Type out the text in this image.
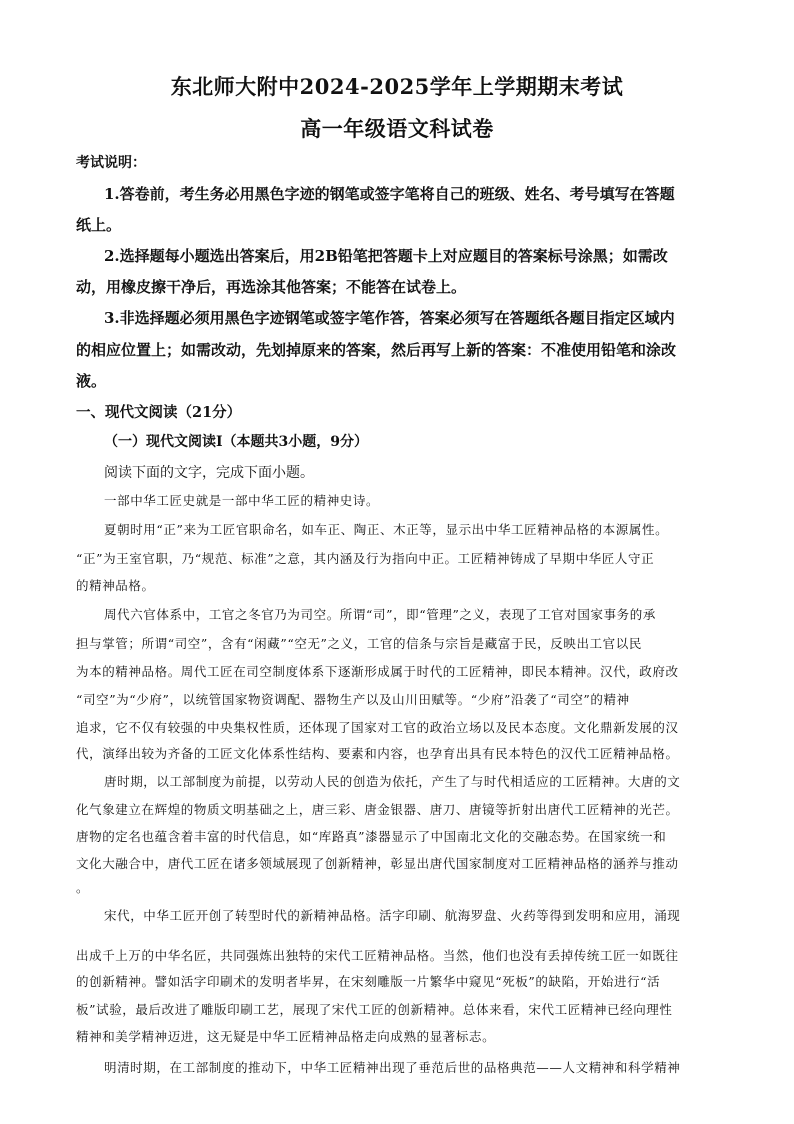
东北师大附中2024-2025学年上学期期末考试
高一年级语文科试卷
考试说明：
1.答卷前，考生务必用黑色字迹的钢笔或签字笔将自己的班级、姓名、考号填写在答题
纸上。
2.选择题每小题选出答案后，用2B铅笔把答题卡上对应题目的答案标号涂黑；如需改
动，用橡皮擦干净后，再选涂其他答案；不能答在试卷上。
3.非选择题必须用黑色字迹钢笔或签字笔作答，答案必须写在答题纸各题目指定区域内
的相应位置上；如需改动，先划掉原来的答案，然后再写上新的答案：不准使用铅笔和涂改
液。
一、现代文阅读（21分）
（一）现代文阅读Ⅰ（本题共3小题，9分）
阅读下面的文字，完成下面小题。
一部中华工匠史就是一部中华工匠的精神史诗。
夏朝时用“正”来为工匠官职命名，如车正、陶正、木正等，显示出中华工匠精神品格的本源属性。
“正”为王室官职，乃“规范、标准”之意，其内涵及行为指向中正。工匠精神铸成了早期中华匠人守正
的精神品格。
周代六官体系中，工官之冬官乃为司空。所谓“司”，即“管理”之义，表现了工官对国家事务的承
担与掌管；所谓“司空”，含有“闲藏”“空无”之义，工官的信条与宗旨是藏富于民，反映出工官以民
为本的精神品格。周代工匠在司空制度体系下逐渐形成属于时代的工匠精神，即民本精神。汉代，政府改
“司空”为“少府”，以统管国家物资调配、器物生产以及山川田赋等。“少府”沿袭了“司空”的精神
追求，它不仅有较强的中央集权性质，还体现了国家对工官的政治立场以及民本态度。文化鼎新发展的汉
代，演绎出较为齐备的工匠文化体系性结构、要素和内容，也孕育出具有民本特色的汉代工匠精神品格。
唐时期，以工部制度为前提，以劳动人民的创造为依托，产生了与时代相适应的工匠精神。大唐的文
化气象建立在辉煌的物质文明基础之上，唐三彩、唐金银器、唐刀、唐镜等折射出唐代工匠精神的光芒。
唐物的定名也蕴含着丰富的时代信息，如“库路真”漆器显示了中国南北文化的交融态势。在国家统一和
文化大融合中，唐代工匠在诸多领域展现了创新精神，彰显出唐代国家制度对工匠精神品格的涵养与推动
。
宋代，中华工匠开创了转型时代的新精神品格。活字印刷、航海罗盘、火药等得到发明和应用，涌现
出成千上万的中华名匠，共同强炼出独特的宋代工匠精神品格。当然，他们也没有丢掉传统工匠一如既往
的创新精神。譬如活字印刷术的发明者毕昇，在宋刻雕版一片繁华中窥见“死板”的缺陷，开始进行“活
板”试验，最后改进了雕版印刷工艺，展现了宋代工匠的创新精神。总体来看，宋代工匠精神已经向理性
精神和美学精神迈进，这无疑是中华工匠精神品格走向成熟的显著标志。
明清时期，在工部制度的推动下，中华工匠精神出现了垂范后世的品格典范——人文精神和科学精神
